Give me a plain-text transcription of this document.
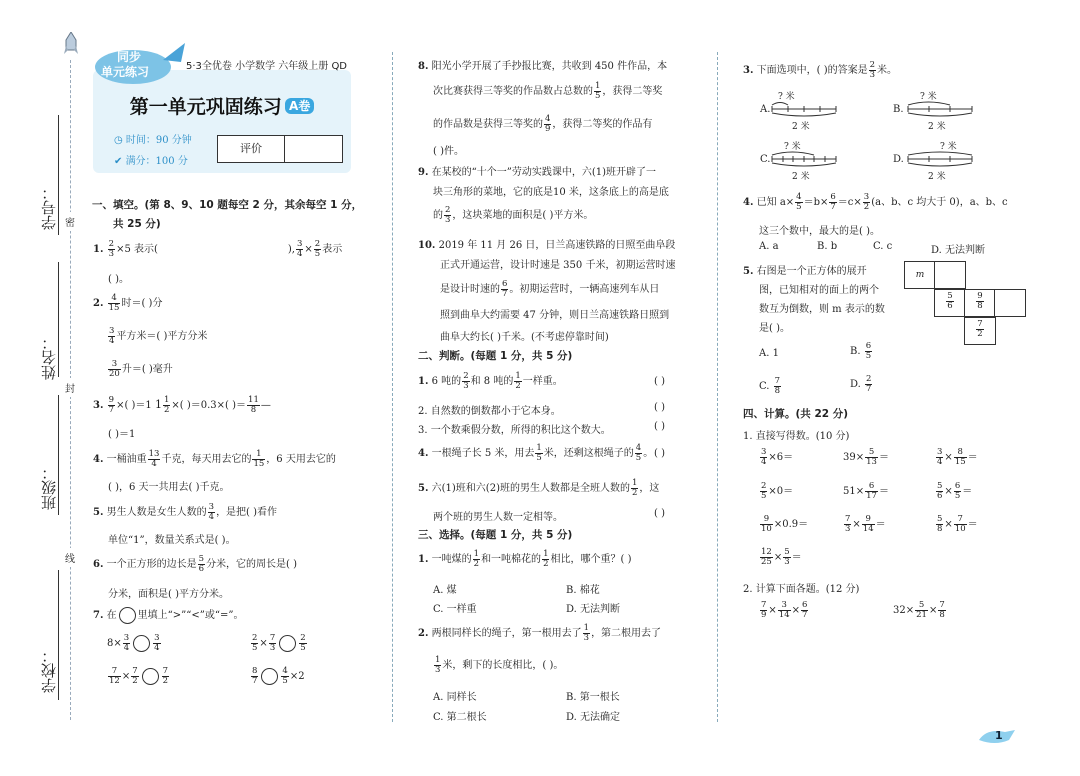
学号： 密
姓名：
封
班级：
线
学校：
同步
单元练习	5·3全优卷 小学数学 六年级上册 QD
第一单元巩固练习 A卷
◷ 时间：90 分钟
✔ 满分：100 分
评价
一、填空。(第 8、9、10 题每空 2 分，其余每空 1 分，
共 25 分)
1. $\frac{2}{3} \times 5$ 表示(	), $\frac{3}{4} \times \frac{2}{5}$ 表示
( )。
2. $\frac{4}{15}$ 时＝( )分
$\frac{3}{4}$ 平方米＝( )平方分米
$\frac{3}{20}$ 升＝( )毫升
3. $\frac{9}{7}$ ×( )＝1 $1 \frac{1}{2}$ ×( )＝0.3×( )＝ $\frac{11}{8}$ —
( )＝1
4. 一桶油重 $\frac{13}{4}$ 千克，每天用去它的 $\frac{1}{15}$ ，6 天用去它的
( )，6 天一共用去( )千克。
5. 男生人数是女生人数的 $\frac{3}{4}$ ，是把( )看作
单位“1”，数量关系式是( )。
6. 一个正方形的边长是 $\frac{5}{6}$ 分米，它的周长是( )
分米，面积是( )平方分米。
7. 在 里填上“>”“<”或“=”。
$8\times \frac{3}{4}$	$\frac{3}{4}$	$\frac{2}{5} \times \frac{7}{3}$	$\frac{2}{5}$
$\frac{7}{12} \times \frac{7}{2}$	$\frac{7}{2}$	$\frac{8}{7}$	$\frac{4}{5} \times 2$
8. 阳光小学开展了手抄报比赛，共收到 450 件作品，本
次比赛获得三等奖的作品数占总数的 $\frac{1}{5}$ ，获得二等奖
的作品数是获得三等奖的 $\frac{4}{9}$ ，获得二等奖的作品有
( )件。
9. 在某校的“十个一”劳动实践课中，六(1)班开辟了一
块三角形的菜地，它的底是10 米，这条底上的高是底
的 $\frac{2}{3}$ ，这块菜地的面积是( )平方米。
10. 2019 年 11 月 26 日，日兰高速铁路的日照至曲阜段
正式开通运营，设计时速是 350 千米，初期运营时速
是设计时速的 $\frac{6}{7}$ 。初期运营时，一辆高速列车从日
照到曲阜大约需要 47 分钟，则日兰高速铁路日照到
曲阜大约长( )千米。(不考虑停靠时间)
二、判断。(每题 1 分，共 5 分)
1. 6 吨的 $\frac{2}{3}$ 和 8 吨的 $\frac{1}{2}$ 一样重。	( )
2. 自然数的倒数都小于它本身。	( )
3. 一个数乘假分数，所得的积比这个数大。	( )
4. 一根绳子长 5 米，用去 $\frac{1}{5}$ 米，还剩这根绳子的 $\frac{4}{5}$ 。 ( )
5. 六(1)班和六(2)班的男生人数都是全班人数的 $\frac{1}{2}$ ，这
两个班的男生人数一定相等。	( )
三、选择。(每题 1 分，共 5 分)
1. 一吨煤的 $\frac{1}{2}$ 和一吨棉花的 $\frac{1}{2}$ 相比，哪个重？( )
A. 煤	B. 棉花
C. 一样重	D. 无法判断
2. 两根同样长的绳子，第一根用去了 $\frac{1}{3}$ ，第二根用去了
$\frac{1}{3}$ 米，剩下的长度相比，( )。
A. 同样长	B. 第一根长
C. 第二根长	D. 无法确定
3. 下面选项中，( )的答案是 $\frac{2}{3}$ 米。
A.
? 米
2 米
B.
? 米
2 米
C.
? 米
2 米
D.
? 米
2 米
4. 已知 $a\times \frac{4}{5} =b\times \frac{6}{7} =c\times \frac{3}{2} (a$、b、c 均大于 0)，a、b、c
这三个数中，最大的是( )。
A. a	B. b	C. c	D. 无法判断
5. 右图是一个正方体的展开
图，已知相对的面上的两个
数互为倒数，则 m 表示的数
是( )。
m
$\frac{5}{6}$	$\frac{9}{8}$
$\frac{7}{2}$
A. 1	B. $\frac{6}{5}$
C. $\frac{7}{8}$	D. $\frac{2}{7}$
四、计算。(共 22 分)
1. 直接写得数。(10 分)
$\frac{3}{4} \times 6=$	$39\times \frac{5}{13}$ ＝	$\frac{3}{4} \times \frac{8}{15}$ ＝
$\frac{2}{5} \times 0=$	$51\times \frac{6}{17}$ ＝	$\frac{5}{6} \times \frac{6}{5}$ ＝
$\frac{9}{10} \times 0.9=$	$\frac{7}{3} \times \frac{9}{14}$ ＝	$\frac{5}{8} \times \frac{7}{10}$ ＝
$\frac{12}{25} \times \frac{5}{3}$ ＝
2. 计算下面各题。(12 分)
$\frac{7}{9} \times \frac{3}{14} \times \frac{6}{7}$	$32\times \frac{5}{21} \times \frac{7}{8}$
1
